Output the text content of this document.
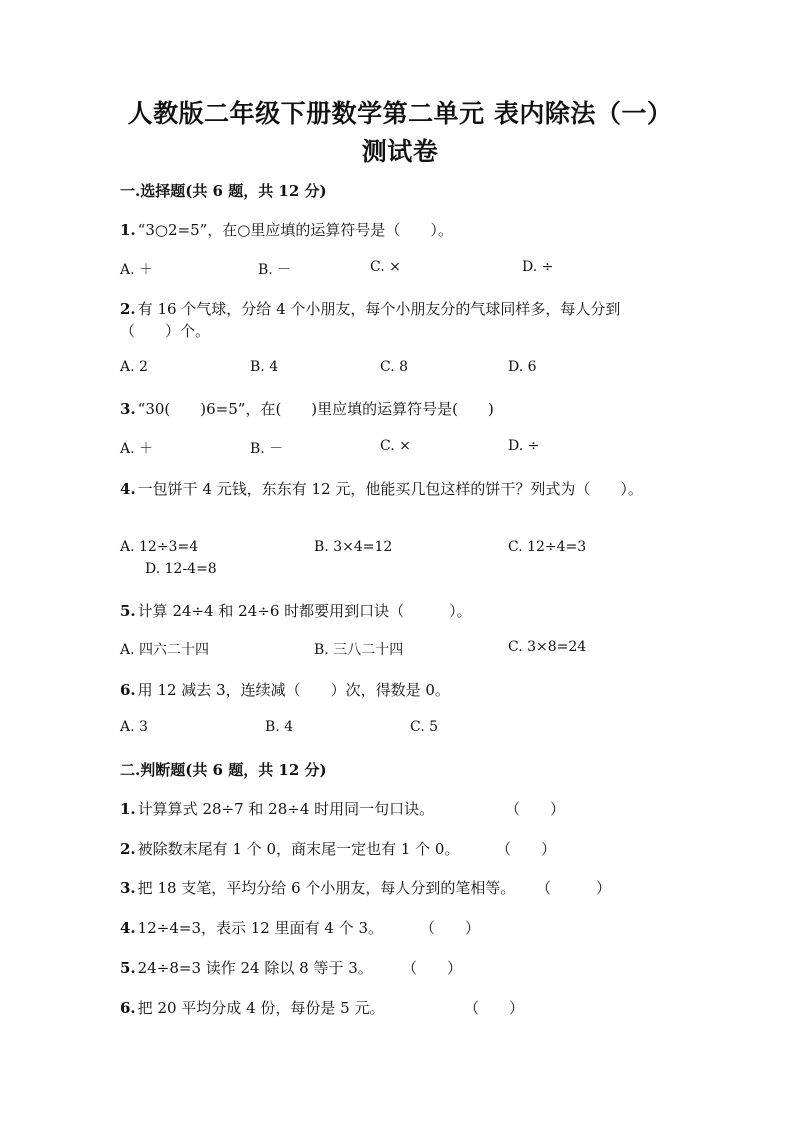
人教版二年级下册数学第二单元 表内除法（一）
测试卷
一.选择题(共 6 题，共 12 分)
1. “3○2=5”，在○里应填的运算符号是（　　）。
A. ＋	B. －	C. ×	D. ÷
2. 有 16 个气球，分给 4 个小朋友，每个小朋友分的气球同样多，每人分到
（　　）个。
A. 2	B. 4	C. 8	D. 6
3. “30(　　)6=5”，在(　　)里应填的运算符号是(　　)
A. ＋	B. －	C. ×	D. ÷
4. 一包饼干 4 元钱，东东有 12 元，他能买几包这样的饼干？列式为（　　）。
A. 12÷3=4	B. 3×4=12	C. 12÷4=3
D. 12-4=8
5. 计算 24÷4 和 24÷6 时都要用到口诀（　　　）。
A. 四六二十四	B. 三八二十四	C. 3×8=24
6. 用 12 减去 3，连续减（　　）次，得数是 0。
A. 3	B. 4	C. 5
二.判断题(共 6 题，共 12 分)
1. 计算算式 28÷7 和 28÷4 时用同一句口诀。	（　　）
2. 被除数末尾有 1 个 0，商末尾一定也有 1 个 0。 （　　）
3. 把 18 支笔，平均分给 6 个小朋友，每人分到的笔相等。 （　　　）
4. 12÷4=3，表示 12 里面有 4 个 3。 （　　）
5. 24÷8=3 读作 24 除以 8 等于 3。 （　　）
6. 把 20 平均分成 4 份，每份是 5 元。	（　　）
